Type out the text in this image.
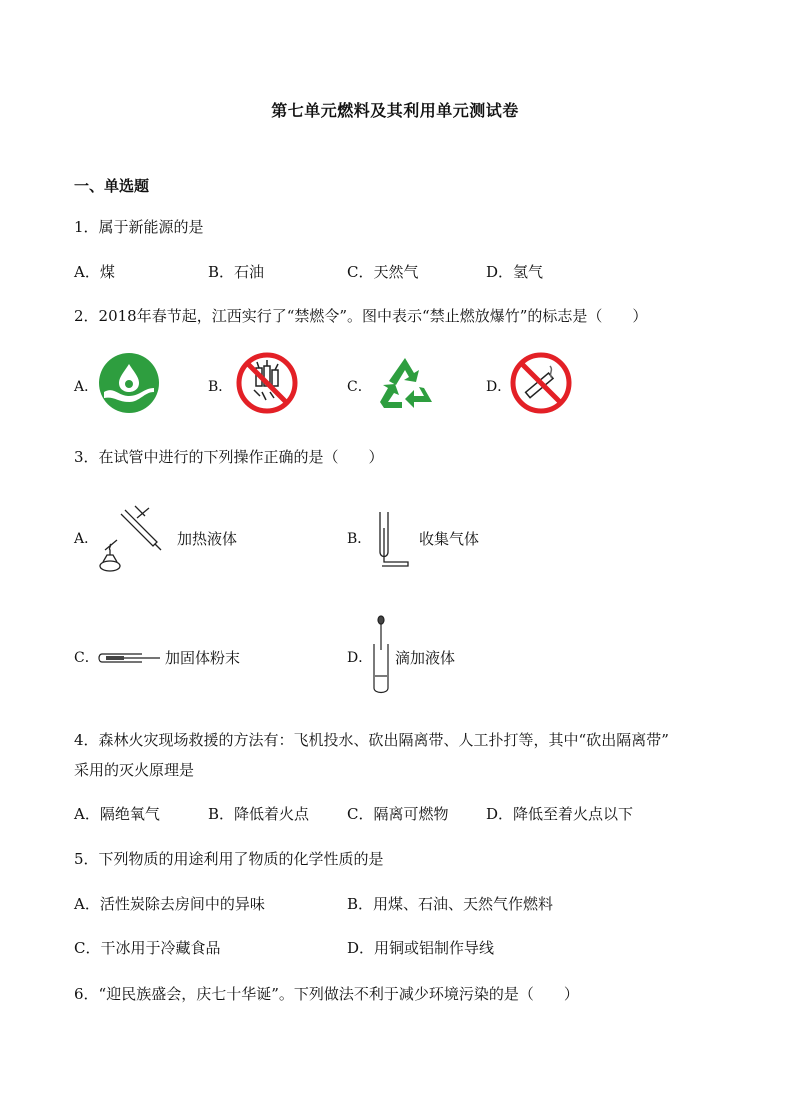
第七单元燃料及其利用单元测试卷
一、单选题
1．属于新能源的是
A．煤	B．石油	C．天然气	D．氢气
2．2018年春节起，江西实行了“禁燃令”。图中表示“禁止燃放爆竹”的标志是（　　）
A．	B．	C．	D．
3．在试管中进行的下列操作正确的是（　　）
A．	加热液体	B．	收集气体
C．	加固体粉末	D． 滴加液体
4．森林火灾现场救援的方法有：飞机投水、砍出隔离带、人工扑打等，其中“砍出隔离带”
采用的灭火原理是
A．隔绝氧气	B．降低着火点	C．隔离可燃物	D．降低至着火点以下
5．下列物质的用途利用了物质的化学性质的是
A．活性炭除去房间中的异味	B．用煤、石油、天然气作燃料
C．干冰用于冷藏食品	D．用铜或铝制作导线
6．“迎民族盛会，庆七十华诞”。下列做法不利于减少环境污染的是（　　）
